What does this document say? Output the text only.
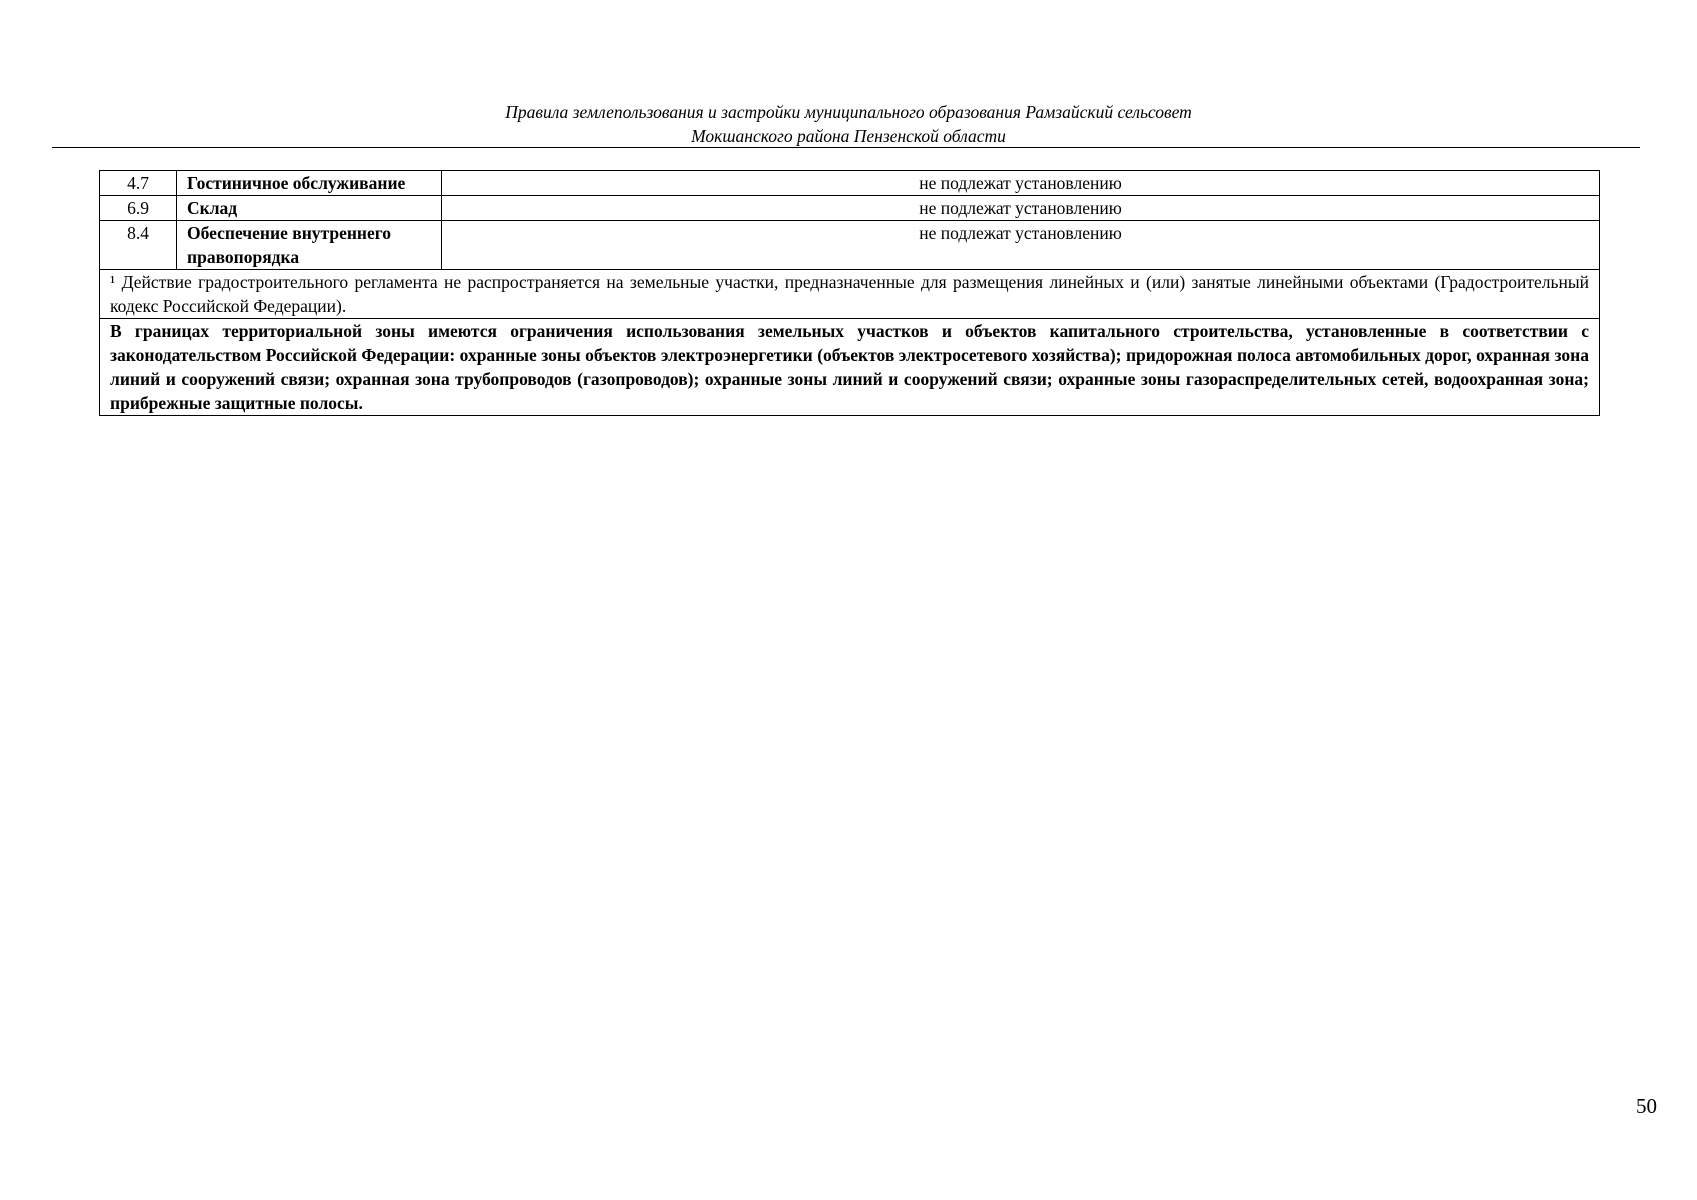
Правила землепользования и застройки муниципального образования Рамзайский сельсовет
Мокшанского района Пензенской области
4.7	Гостиничное обслуживание	не подлежат установлению
6.9	Склад	не подлежат установлению
8.4	Обеспечение внутреннего правопорядка	не подлежат установлению
¹ Действие градостроительного регламента не распространяется на земельные участки, предназначенные для размещения линейных и (или) занятые линейными объектами (Градостроительный кодекс Российской Федерации).		
В границах территориальной зоны имеются ограничения использования земельных участков и объектов капитального строительства, установленные в соответствии с законодательством Российской Федерации: охранные зоны объектов электроэнергетики (объектов электросетевого хозяйства); придорожная полоса автомобильных дорог, охранная зона линий и сооружений связи; охранная зона трубопроводов (газопроводов); охранные зоны линий и сооружений связи; охранные зоны газораспределительных сетей, водоохранная зона; прибрежные защитные полосы.		
50
